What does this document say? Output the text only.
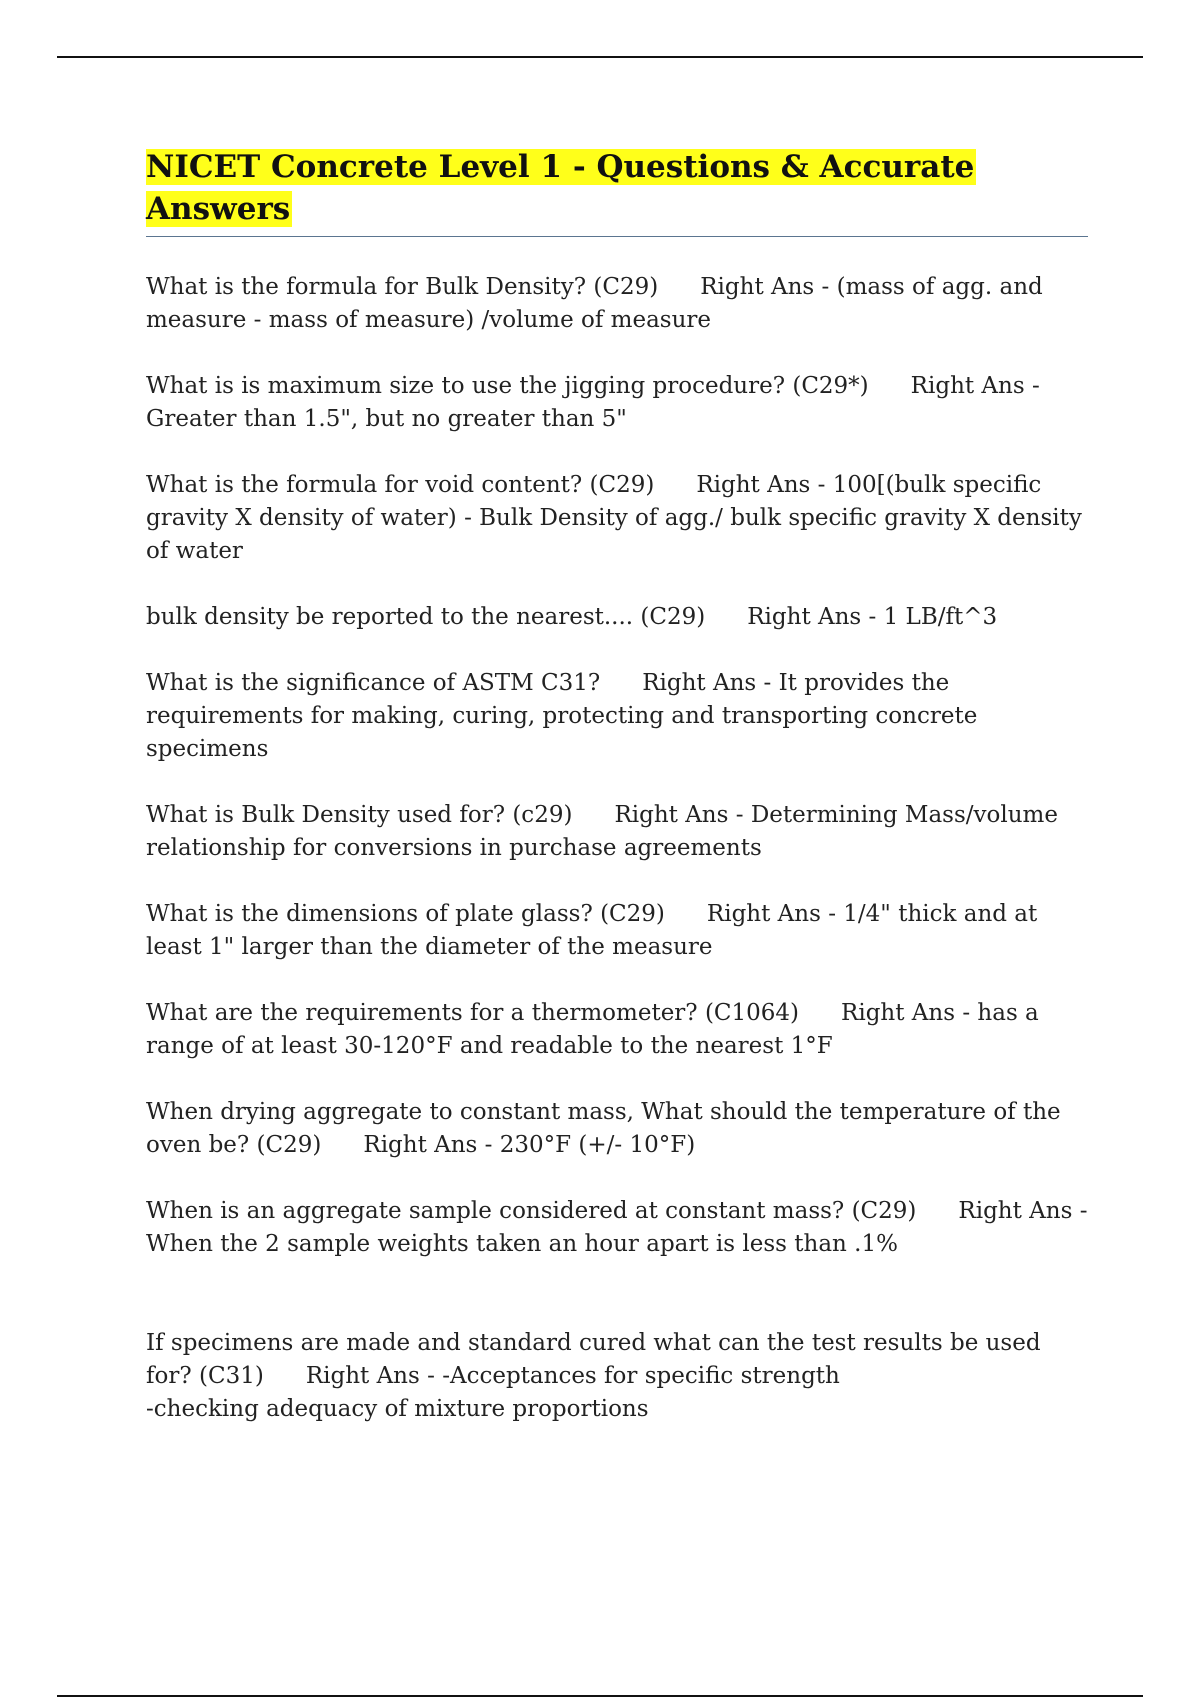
NICET Concrete Level 1 - Questions & Accurate Answers
What is the formula for Bulk Density? (C29) Right Ans - (mass of agg. and measure - mass of measure) /volume of measure
What is is maximum size to use the jigging procedure? (C29*) Right Ans - Greater than 1.5", but no greater than 5"
What is the formula for void content? (C29) Right Ans - 100[(bulk specific gravity X density of water) - Bulk Density of agg./ bulk specific gravity X density of water
bulk density be reported to the nearest.... (C29) Right Ans - 1 LB/ft^3
What is the significance of ASTM C31? Right Ans - It provides the requirements for making, curing, protecting and transporting concrete specimens
What is Bulk Density used for? (c29) Right Ans - Determining Mass/volume relationship for conversions in purchase agreements
What is the dimensions of plate glass? (C29) Right Ans - 1/4" thick and at least 1" larger than the diameter of the measure
What are the requirements for a thermometer? (C1064) Right Ans - has a range of at least 30-120°F and readable to the nearest 1°F
When drying aggregate to constant mass, What should the temperature of the oven be? (C29) Right Ans - 230°F (+/- 10°F)
When is an aggregate sample considered at constant mass? (C29) Right Ans - When the 2 sample weights taken an hour apart is less than .1%
If specimens are made and standard cured what can the test results be used for? (C31) Right Ans - -Acceptances for specific strength
-checking adequacy of mixture proportions
